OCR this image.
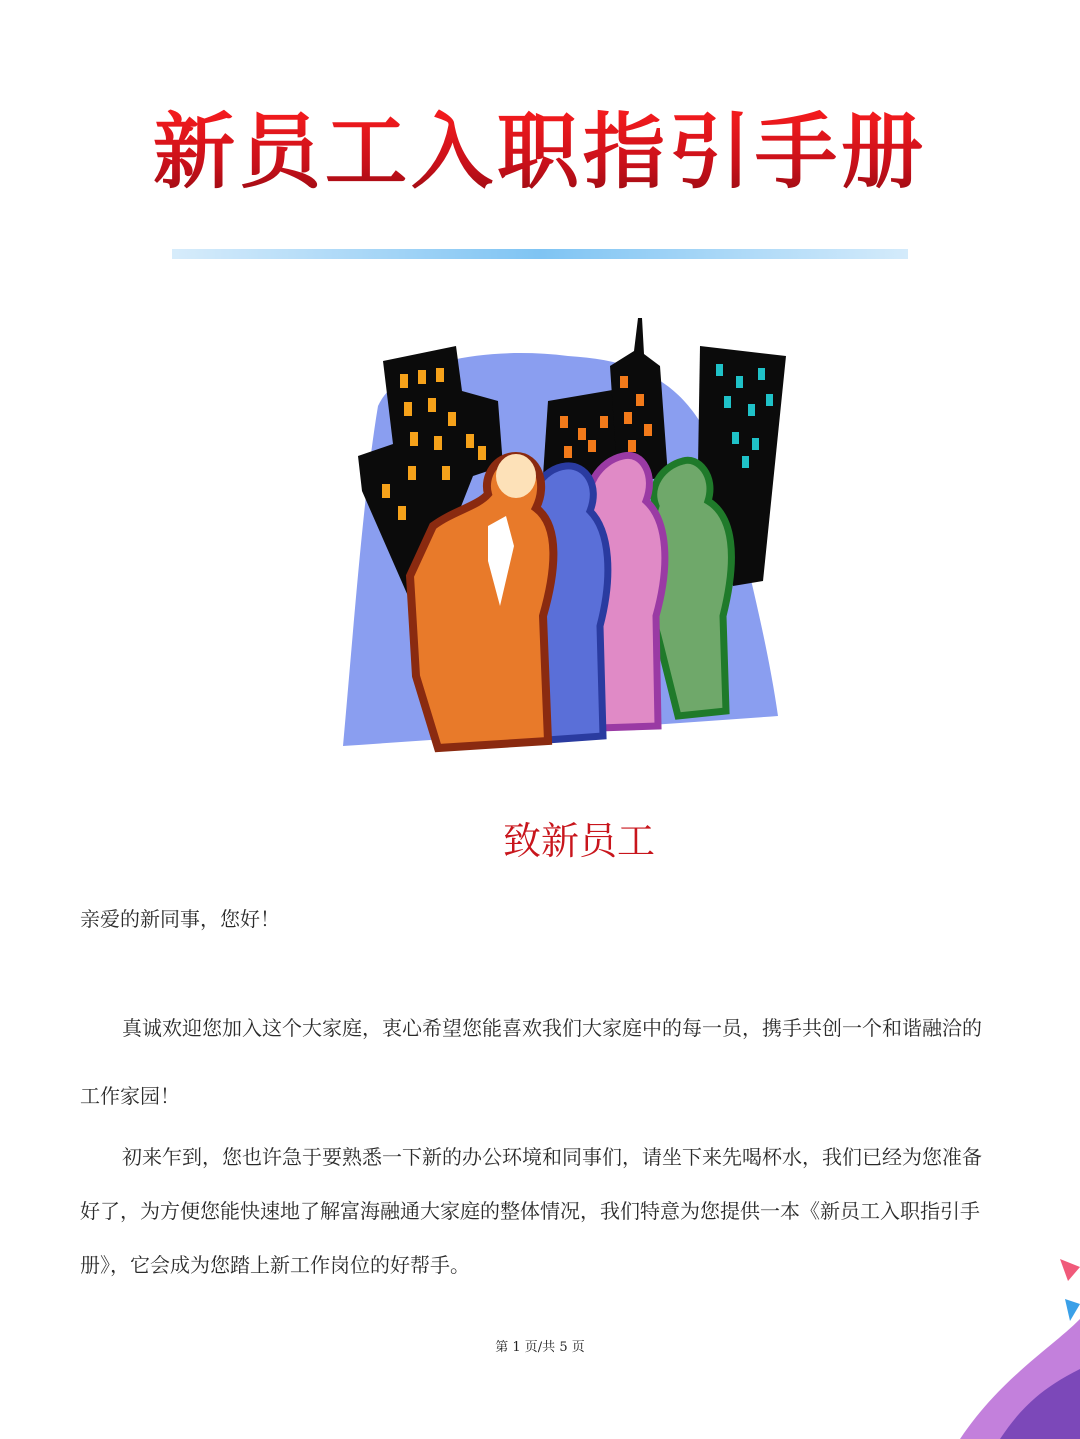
新员工入职指引手册
致新员工
亲爱的新同事，您好！
真诚欢迎您加入这个大家庭，衷心希望您能喜欢我们大家庭中的每一员，携手共创一个和谐融洽的
工作家园！
初来乍到，您也许急于要熟悉一下新的办公环境和同事们，请坐下来先喝杯水，我们已经为您准备
好了，为方便您能快速地了解富海融通大家庭的整体情况，我们特意为您提供一本《新员工入职指引手
册》，它会成为您踏上新工作岗位的好帮手。
第 1 页/共 5 页
